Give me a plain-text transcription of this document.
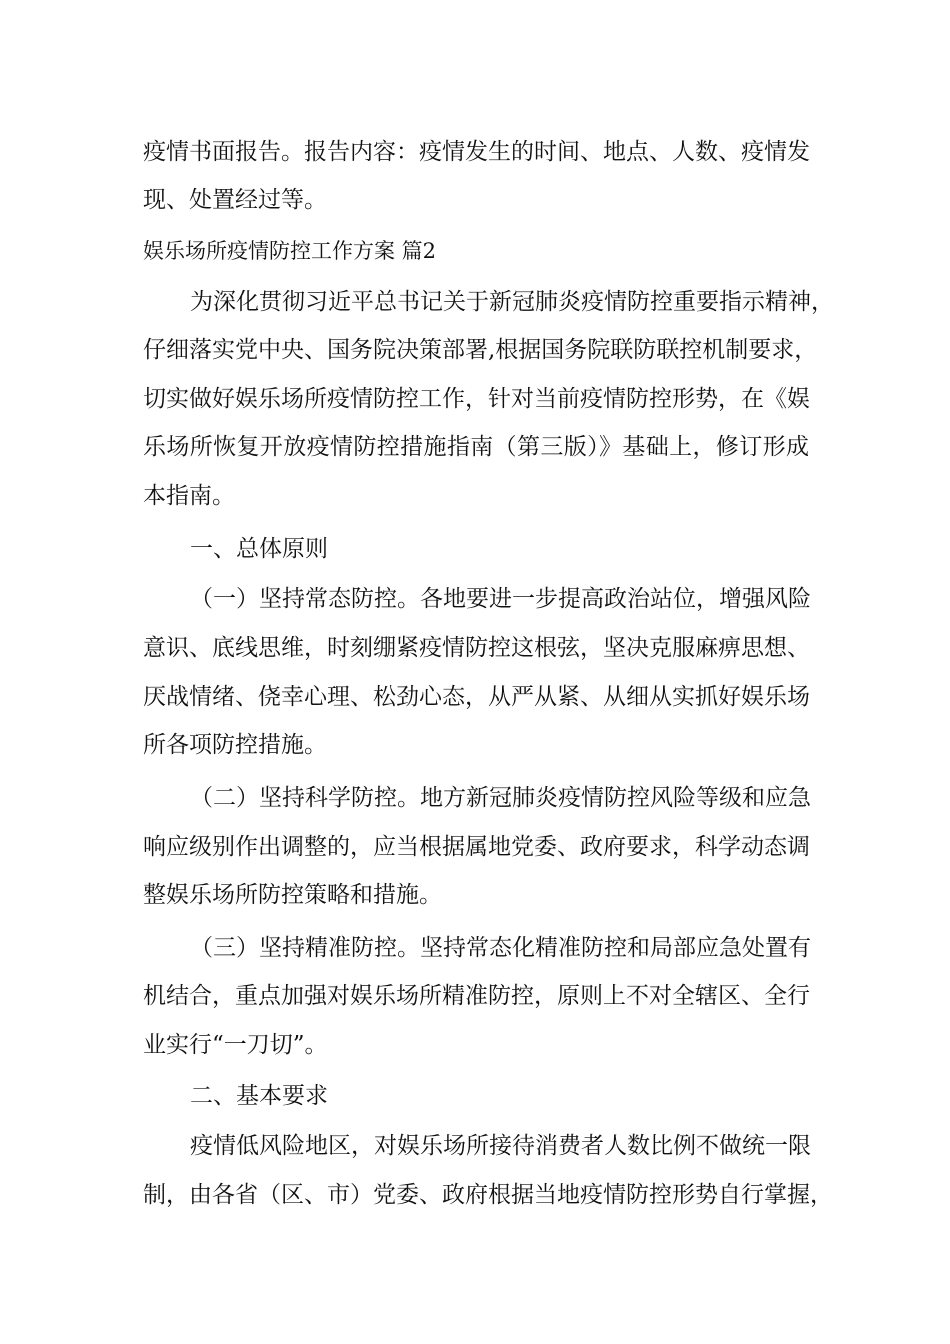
疫情书面报告。报告内容：疫情发生的时间、地点、人数、疫情发
现、处置经过等。
娱乐场所疫情防控工作方案 篇2
为深化贯彻习近平总书记关于新冠肺炎疫情防控重要指示精神，
仔细落实党中央、国务院决策部署,根据国务院联防联控机制要求，
切实做好娱乐场所疫情防控工作，针对当前疫情防控形势，在《娱
乐场所恢复开放疫情防控措施指南（第三版）》基础上，修订形成
本指南。
一、总体原则
（一）坚持常态防控。各地要进一步提高政治站位，增强风险
意识、底线思维，时刻绷紧疫情防控这根弦，坚决克服麻痹思想、
厌战情绪、侥幸心理、松劲心态，从严从紧、从细从实抓好娱乐场
所各项防控措施。
（二）坚持科学防控。地方新冠肺炎疫情防控风险等级和应急
响应级别作出调整的，应当根据属地党委、政府要求，科学动态调
整娱乐场所防控策略和措施。
（三）坚持精准防控。坚持常态化精准防控和局部应急处置有
机结合，重点加强对娱乐场所精准防控，原则上不对全辖区、全行
业实行“一刀切”。
二、基本要求
疫情低风险地区，对娱乐场所接待消费者人数比例不做统一限
制，由各省（区、市）党委、政府根据当地疫情防控形势自行掌握，
